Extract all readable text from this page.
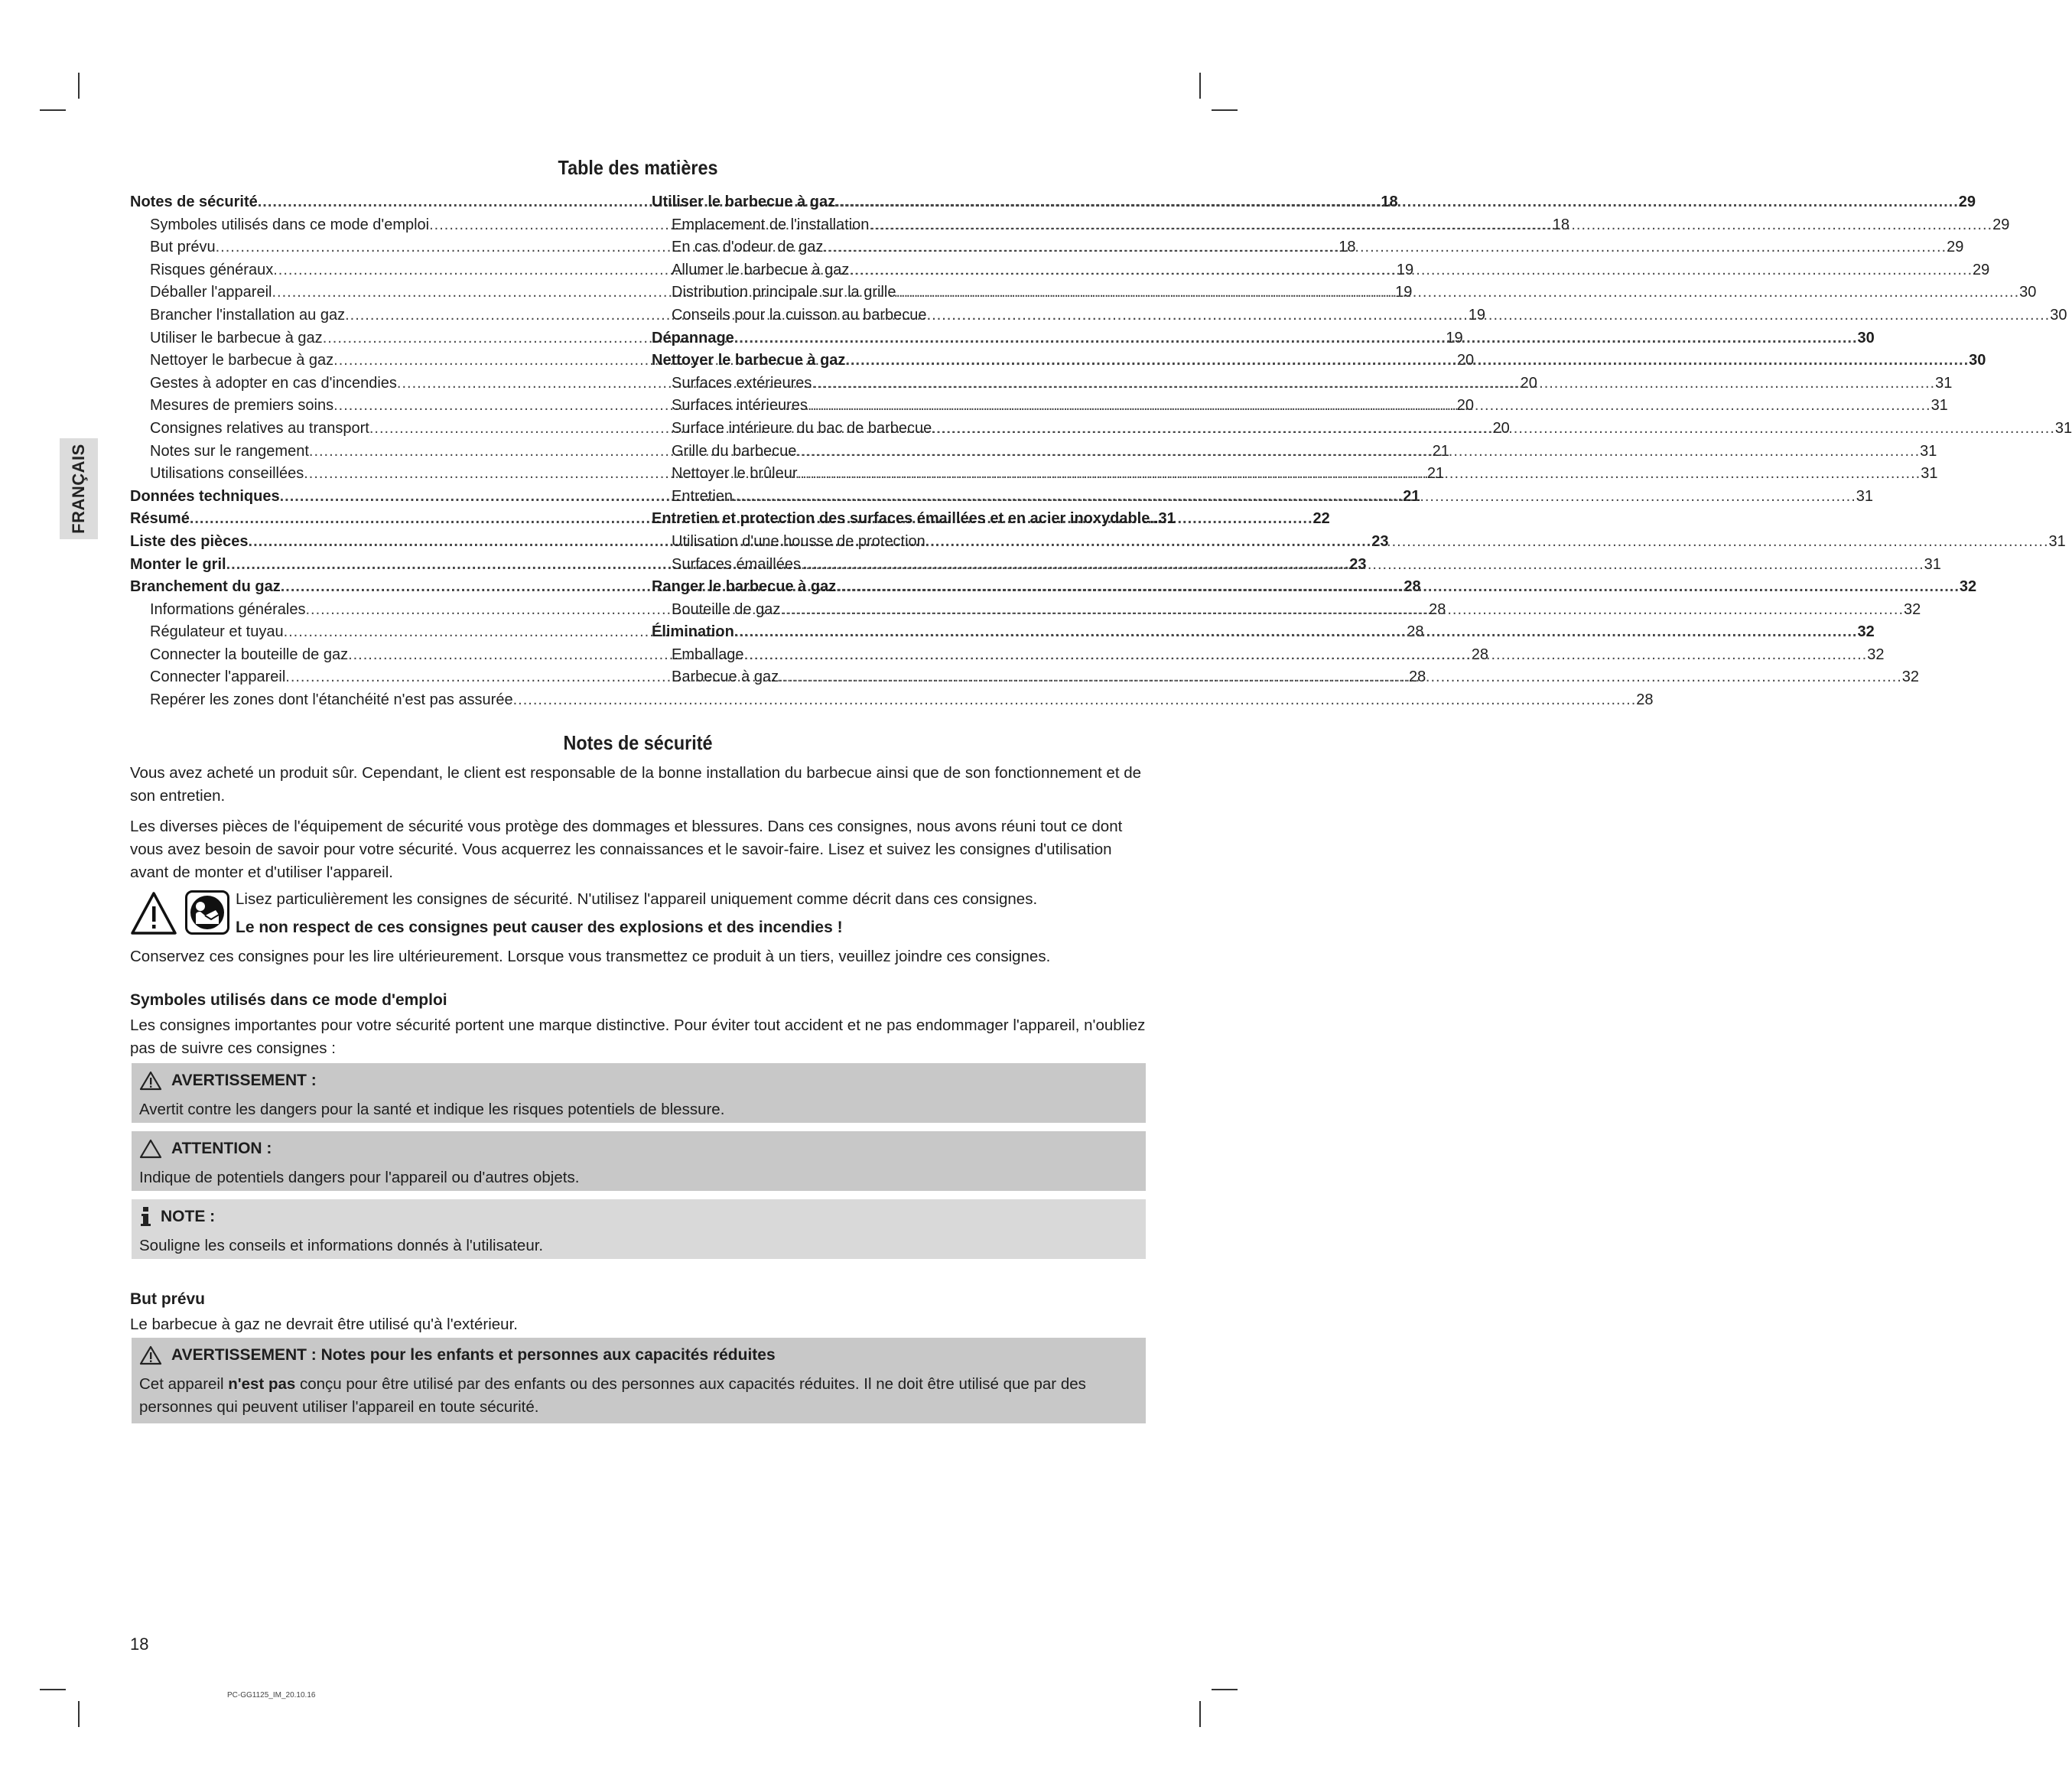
FRANÇAIS
Table des matières
Notes de sécurité .....	18
Symboles utilisés dans ce mode d'emploi .....	18
But prévu .....	18
Risques généraux .....	19
Déballer l'appareil .....	19
Brancher l'installation au gaz .....	19
Utiliser le barbecue à gaz .....	19
Nettoyer le barbecue à gaz .....	20
Gestes à adopter en cas d'incendies .....	20
Mesures de premiers soins .....	20
Consignes relatives au transport .....	20
Notes sur le rangement .....	21
Utilisations conseillées .....	21
Données techniques .....	21
Résumé .....	22
Liste des pièces .....	23
Monter le gril .....	23
Branchement du gaz .....	28
Informations générales .....	28
Régulateur et tuyau .....	28
Connecter la bouteille de gaz .....	28
Connecter l'appareil .....	28
Repérer les zones dont l'étanchéité n'est pas assurée .....	28
Utiliser le barbecue à gaz .....	29
Emplacement de l'installation .....	29
En cas d'odeur de gaz .....	29
Allumer le barbecue à gaz .....	29
Distribution principale sur la grille .....	30
Conseils pour la cuisson au barbecue .....	30
Dépannage .....	30
Nettoyer le barbecue à gaz .....	30
Surfaces extérieures .....	31
Surfaces intérieures .....	31
Surface intérieure du bac de barbecue .....	31
Grille du barbecue .....	31
Nettoyer le brûleur .....	31
Entretien .....	31
Entretien et protection des surfaces émaillées et en acier inoxydable.. 31
Utilisation d'une housse de protection .....	31
Surfaces émaillées .....	31
Ranger le barbecue à gaz .....	32
Bouteille de gaz .....	32
Élimination .....	32
Emballage .....	32
Barbecue à gaz .....	32
Notes de sécurité

Vous avez acheté un produit sûr. Cependant, le client est responsable de la bonne installation du barbecue ainsi que de son fonctionnement et de son entretien.

Les diverses pièces de l'équipement de sécurité vous protège des dommages et blessures. Dans ces consignes, nous avons réuni tout ce dont vous avez besoin de savoir pour votre sécurité. Vous acquerrez les connaissances et le savoir-faire. Lisez et suivez les consignes d'utilisation avant de monter et d'utiliser l'appareil.

Lisez particulièrement les consignes de sécurité. N'utilisez l'appareil uniquement comme décrit dans ces consignes.
Le non respect de ces consignes peut causer des explosions et des incendies !

Conservez ces consignes pour les lire ultérieurement. Lorsque vous transmettez ce produit à un tiers, veuillez joindre ces consignes.

Symboles utilisés dans ce mode d'emploi

Les consignes importantes pour votre sécurité portent une marque distinctive. Pour éviter tout accident et ne pas endommager l'appareil, n'oubliez pas de suivre ces consignes :

AVERTISSEMENT :
Avertit contre les dangers pour la santé et indique les risques potentiels de blessure.
ATTENTION :
Indique de potentiels dangers pour l'appareil ou d'autres objets.
NOTE :
Souligne les conseils et informations donnés à l'utilisateur.
But prévu

Le barbecue à gaz ne devrait être utilisé qu'à l'extérieur.

AVERTISSEMENT : Notes pour les enfants et personnes aux capacités réduites
Cet appareil n'est pas conçu pour être utilisé par des enfants ou des personnes aux capacités réduites. Il ne doit être utilisé que par des personnes qui peuvent utiliser l'appareil en toute sécurité.
18
PC-GG1125_IM_20.10.16
